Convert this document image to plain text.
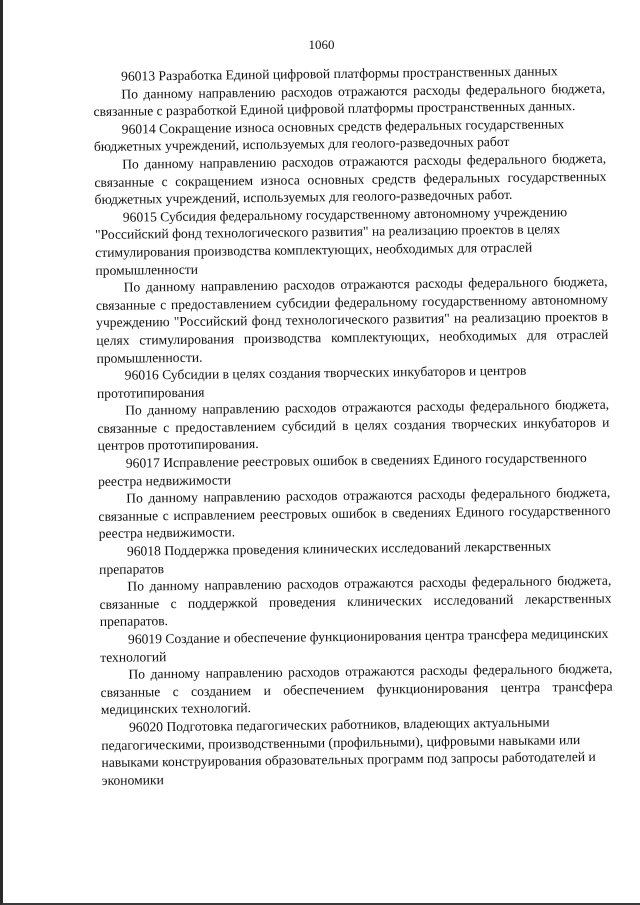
1060

96013 Разработка Единой цифровой платформы пространственных данных

По данному направлению расходов отражаются расходы федерального бюджета, связанные с разработкой Единой цифровой платформы пространственных данных.

96014 Сокращение износа основных средств федеральных государственных бюджетных учреждений, используемых для геолого-разведочных работ

По данному направлению расходов отражаются расходы федерального бюджета, связанные с сокращением износа основных средств федеральных государственных бюджетных учреждений, используемых для геолого-разведочных работ.

96015 Субсидия федеральному государственному автономному учреждению "Российский фонд технологического развития" на реализацию проектов в целях стимулирования производства комплектующих, необходимых для отраслей промышленности

По данному направлению расходов отражаются расходы федерального бюджета, связанные с предоставлением субсидии федеральному государственному автономному учреждению "Российский фонд технологического развития" на реализацию проектов в целях стимулирования производства комплектующих, необходимых для отраслей промышленности.

96016 Субсидии в целях создания творческих инкубаторов и центров прототипирования

По данному направлению расходов отражаются расходы федерального бюджета, связанные с предоставлением субсидий в целях создания творческих инкубаторов и центров прототипирования.

96017 Исправление реестровых ошибок в сведениях Единого государственного реестра недвижимости

По данному направлению расходов отражаются расходы федерального бюджета, связанные с исправлением реестровых ошибок в сведениях Единого государственного реестра недвижимости.

96018 Поддержка проведения клинических исследований лекарственных препаратов

По данному направлению расходов отражаются расходы федерального бюджета, связанные с поддержкой проведения клинических исследований лекарственных препаратов.

96019 Создание и обеспечение функционирования центра трансфера медицинских технологий

По данному направлению расходов отражаются расходы федерального бюджета, связанные с созданием и обеспечением функционирования центра трансфера медицинских технологий.

96020 Подготовка педагогических работников, владеющих актуальными педагогическими, производственными (профильными), цифровыми навыками или навыками конструирования образовательных программ под запросы работодателей и экономики
